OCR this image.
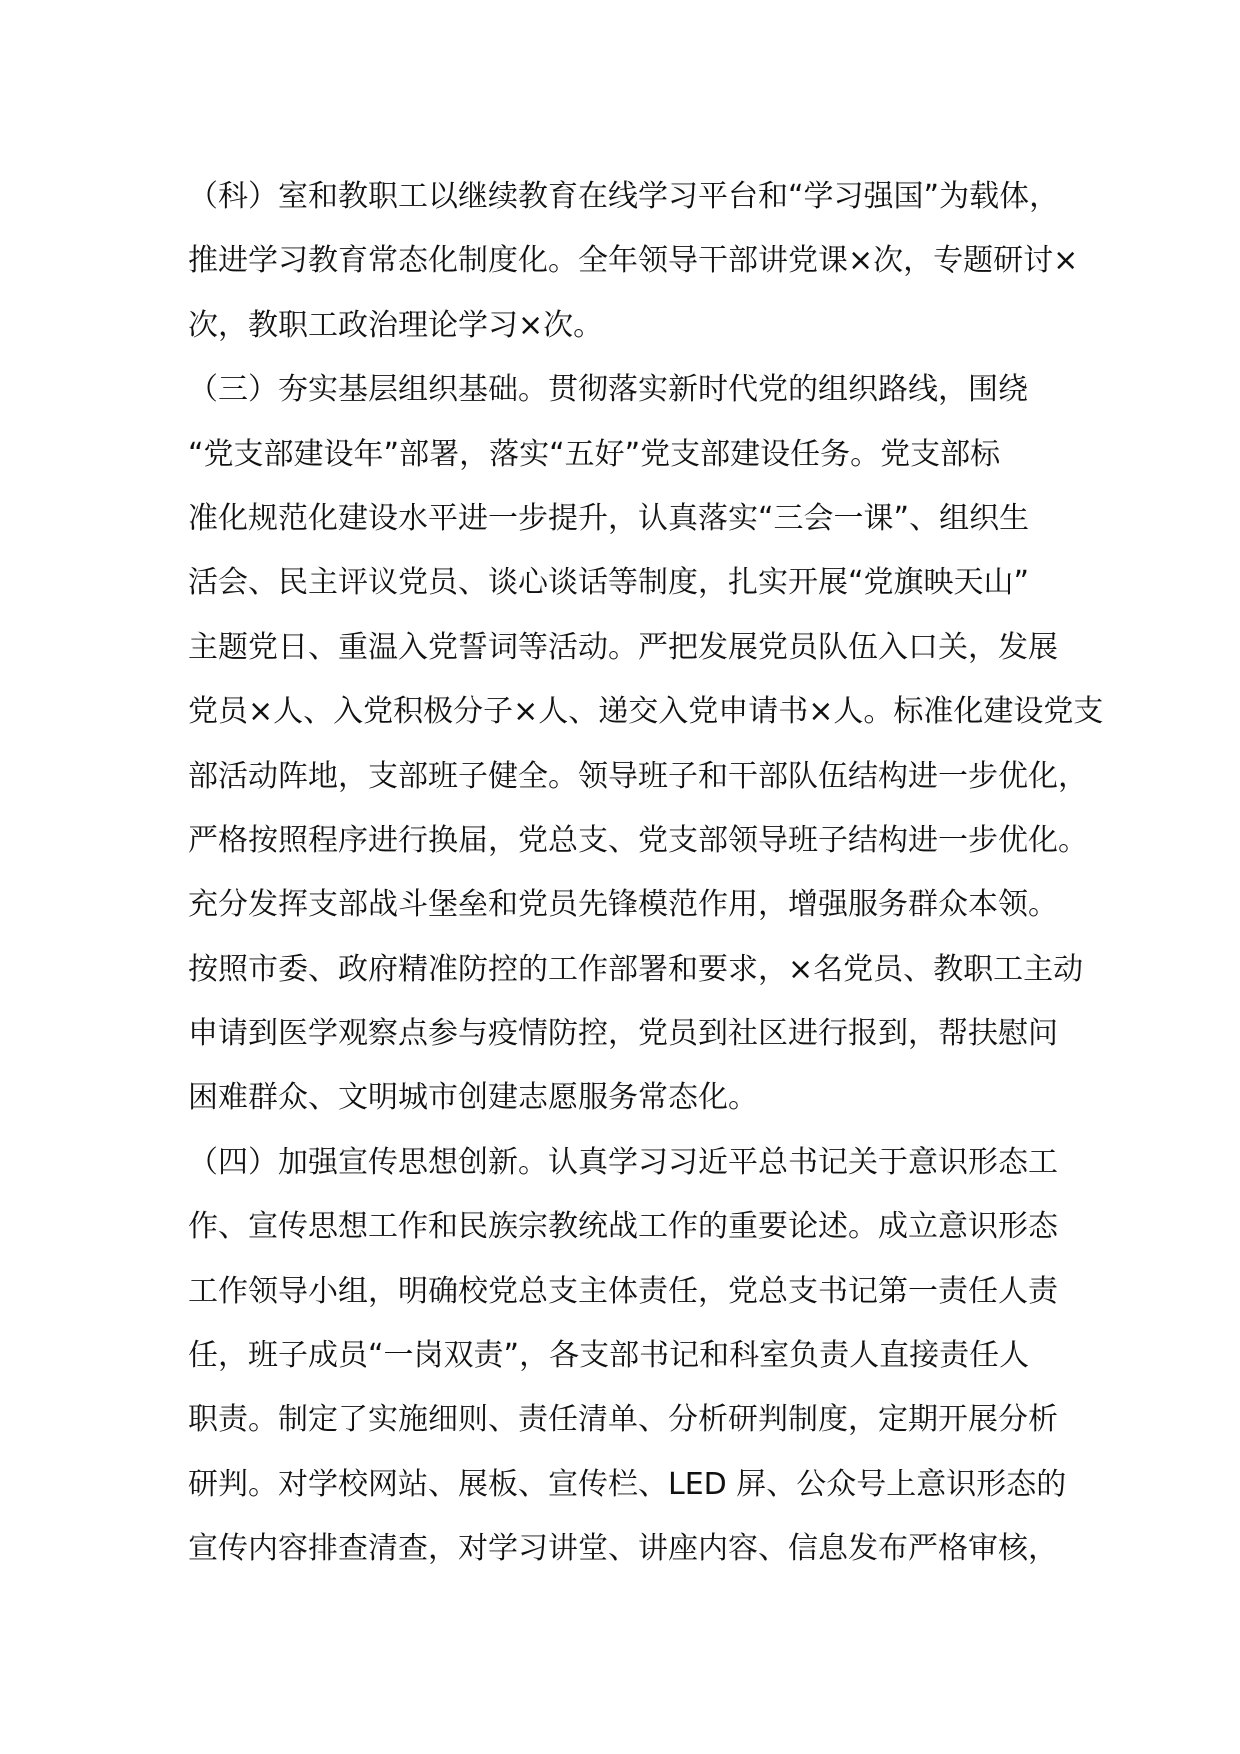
（科）室和教职工以继续教育在线学习平台和“学习强国”为载体，
推进学习教育常态化制度化。全年领导干部讲党课×次，专题研讨×
次，教职工政治理论学习×次。
（三）夯实基层组织基础。贯彻落实新时代党的组织路线，围绕
“党支部建设年”部署，落实“五好”党支部建设任务。党支部标
准化规范化建设水平进一步提升，认真落实“三会一课”、组织生
活会、民主评议党员、谈心谈话等制度，扎实开展“党旗映天山”
主题党日、重温入党誓词等活动。严把发展党员队伍入口关，发展
党员×人、入党积极分子×人、递交入党申请书×人。标准化建设党支
部活动阵地，支部班子健全。领导班子和干部队伍结构进一步优化，
严格按照程序进行换届，党总支、党支部领导班子结构进一步优化。
充分发挥支部战斗堡垒和党员先锋模范作用，增强服务群众本领。
按照市委、政府精准防控的工作部署和要求，×名党员、教职工主动
申请到医学观察点参与疫情防控，党员到社区进行报到，帮扶慰问
困难群众、文明城市创建志愿服务常态化。
（四）加强宣传思想创新。认真学习习近平总书记关于意识形态工
作、宣传思想工作和民族宗教统战工作的重要论述。成立意识形态
工作领导小组，明确校党总支主体责任，党总支书记第一责任人责
任，班子成员“一岗双责”，各支部书记和科室负责人直接责任人
职责。制定了实施细则、责任清单、分析研判制度，定期开展分析
研判。对学校网站、展板、宣传栏、LED 屏、公众号上意识形态的
宣传内容排查清查，对学习讲堂、讲座内容、信息发布严格审核，
